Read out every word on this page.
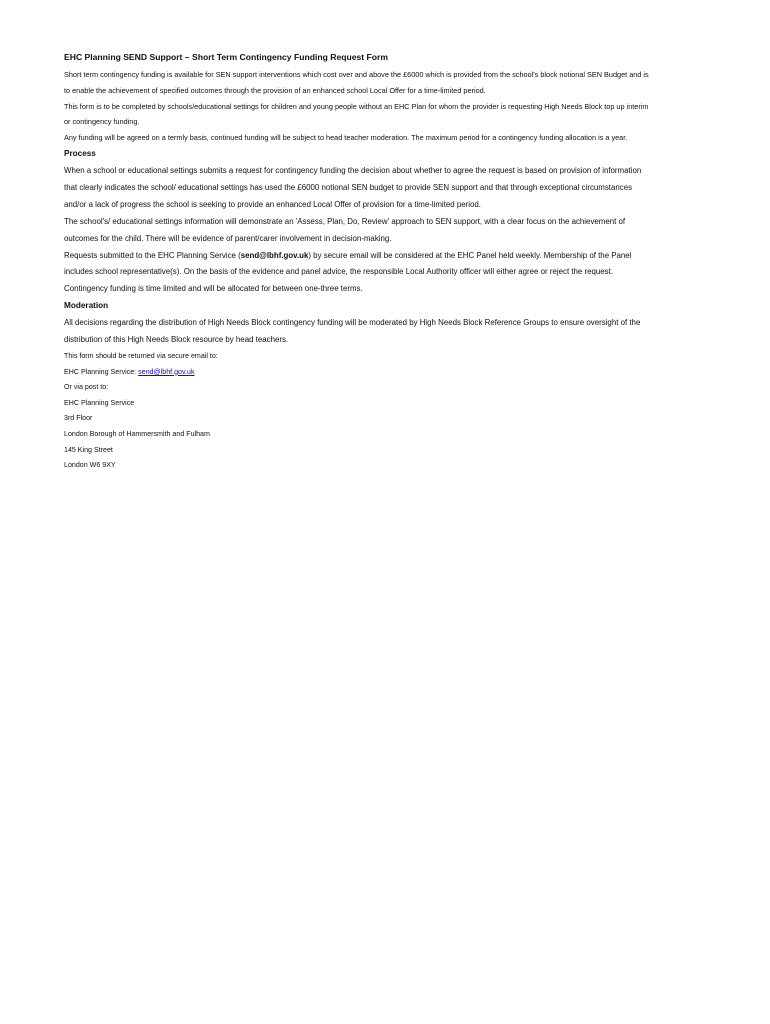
EHC Planning SEND Support – Short Term Contingency Funding Request Form

Short term contingency funding is available for SEN support interventions which cost over and above the £6000 which is provided from the school's block notional SEN Budget and is
to enable the achievement of specified outcomes through the provision of an enhanced school Local Offer for a time-limited period.

This form is to be completed by schools/educational settings for children and young people without an EHC Plan for whom the provider is requesting High Needs Block top up interim
or contingency funding.

Any funding will be agreed on a termly basis, continued funding will be subject to head teacher moderation. The maximum period for a contingency funding allocation is a year.

Process

When a school or educational settings submits a request for contingency funding the decision about whether to agree the request is based on provision of information
that clearly indicates the school/ educational settings has used the £6000 notional SEN budget to provide SEN support and that through exceptional circumstances
and/or a lack of progress the school is seeking to provide an enhanced Local Offer of provision for a time-limited period.

The school's/ educational settings information will demonstrate an 'Assess, Plan, Do, Review' approach to SEN support, with a clear focus on the achievement of
outcomes for the child. There will be evidence of parent/carer involvement in decision-making.

Requests submitted to the EHC Planning Service (send@lbhf.gov.uk) by secure email will be considered at the EHC Panel held weekly. Membership of the Panel
includes school representative(s). On the basis of the evidence and panel advice, the responsible Local Authority officer will either agree or reject the request.
Contingency funding is time limited and will be allocated for between one-three terms.

Moderation

All decisions regarding the distribution of High Needs Block contingency funding will be moderated by High Needs Block Reference Groups to ensure oversight of the
distribution of this High Needs Block resource by head teachers.

This form should be returned via secure email to:

EHC Planning Service: send@lbhf.gov.uk

Or via post to:

EHC Planning Service

3rd Floor

London Borough of Hammersmith and Fulham

145 King Street

London W6 9XY
